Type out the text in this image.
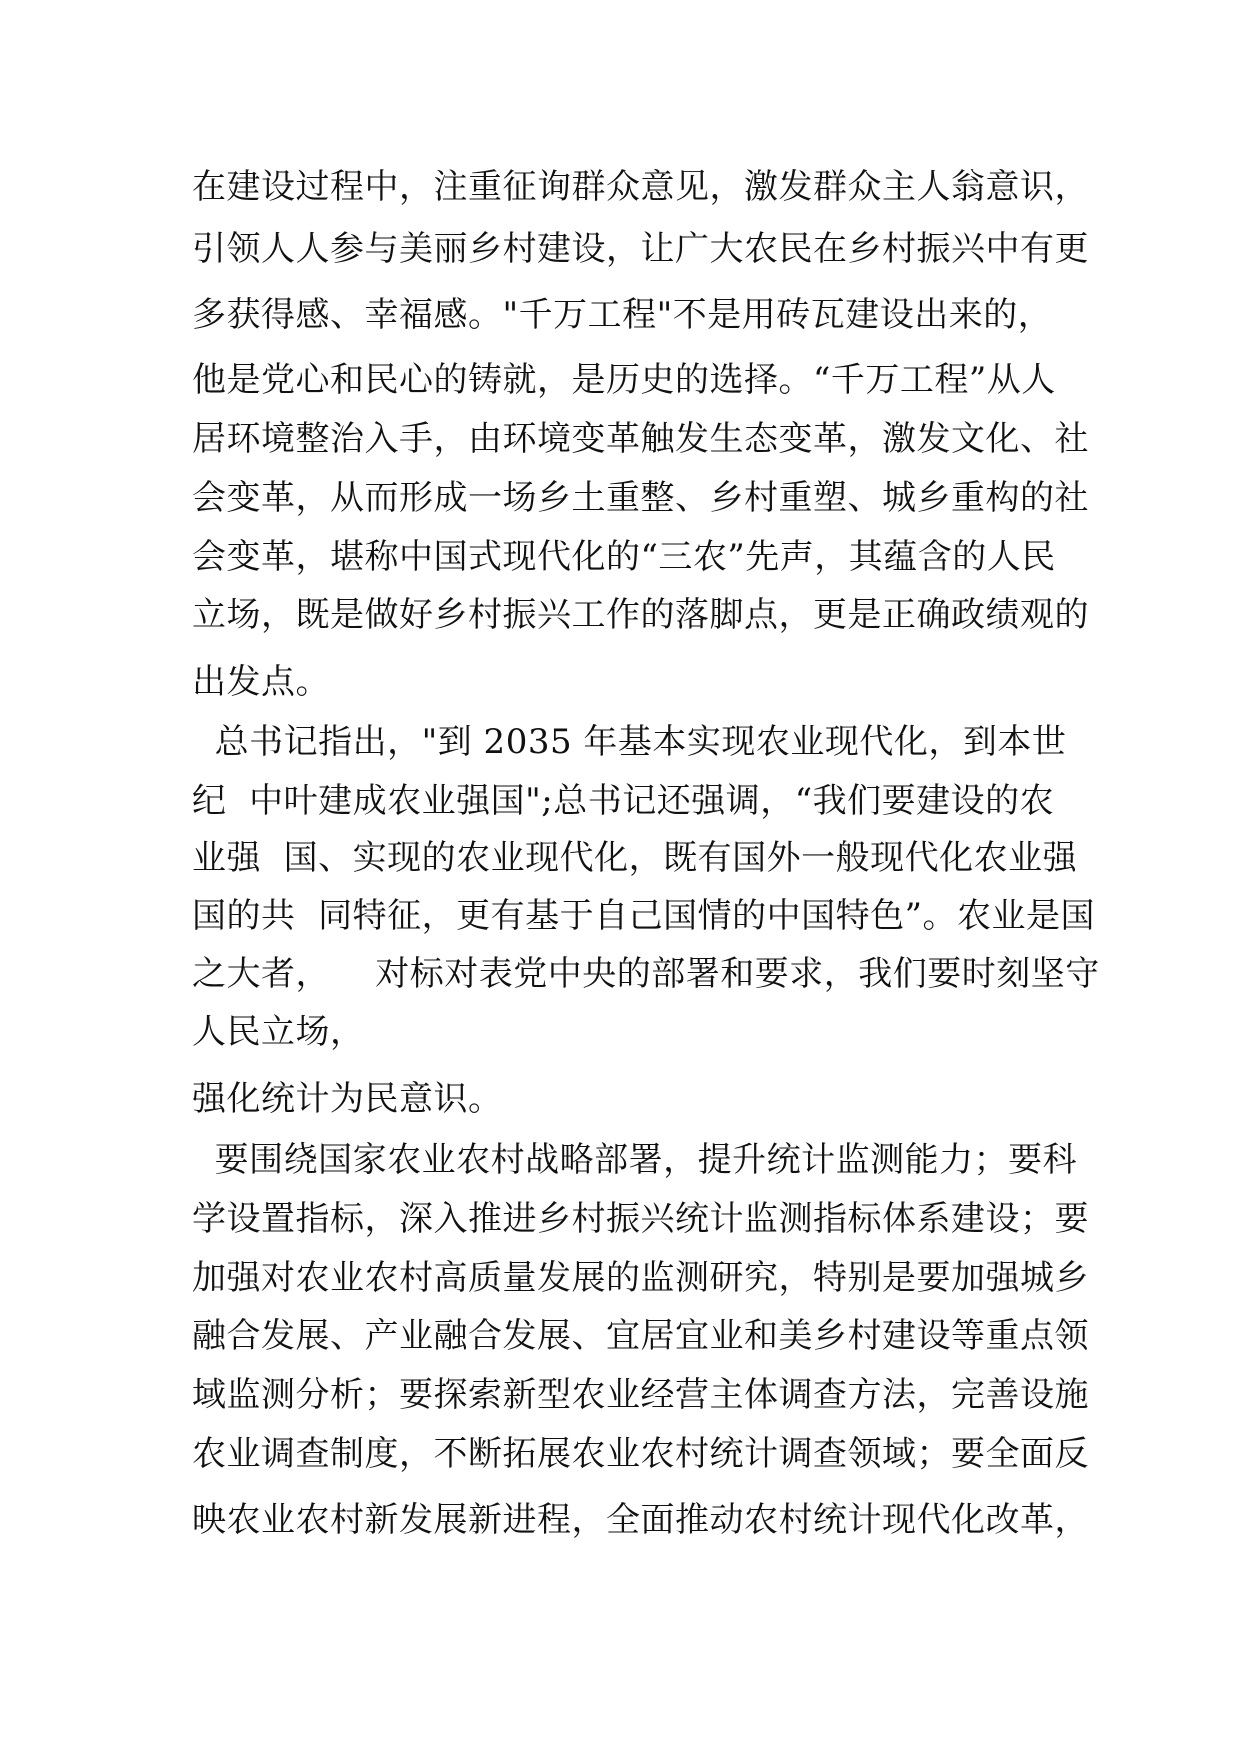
在建设过程中，注重征询群众意见，激发群众主人翁意识，
引领人人参与美丽乡村建设，让广大农民在乡村振兴中有更
多获得感、幸福感。"千万工程"不是用砖瓦建设出来的，
他是党心和民心的铸就，是历史的选择。“千万工程”从人
居环境整治入手，由环境变革触发生态变革，激发文化、社
会变革，从而形成一场乡土重整、乡村重塑、城乡重构的社
会变革，堪称中国式现代化的“三农”先声，其蕴含的人民
立场，既是做好乡村振兴工作的落脚点，更是正确政绩观的
出发点。
总书记指出，"到 2035 年基本实现农业现代化，到本世
纪  中叶建成农业强国";总书记还强调，“我们要建设的农
业强  国、实现的农业现代化，既有国外一般现代化农业强
国的共  同特征，更有基于自己国情的中国特色”。农业是国
之大者，    对标对表党中央的部署和要求，我们要时刻坚守
人民立场，
强化统计为民意识。
要围绕国家农业农村战略部署，提升统计监测能力；要科
学设置指标，深入推进乡村振兴统计监测指标体系建设；要
加强对农业农村高质量发展的监测研究，特别是要加强城乡
融合发展、产业融合发展、宜居宜业和美乡村建设等重点领
域监测分析；要探索新型农业经营主体调查方法，完善设施
农业调查制度，不断拓展农业农村统计调查领域；要全面反
映农业农村新发展新进程，全面推动农村统计现代化改革，
